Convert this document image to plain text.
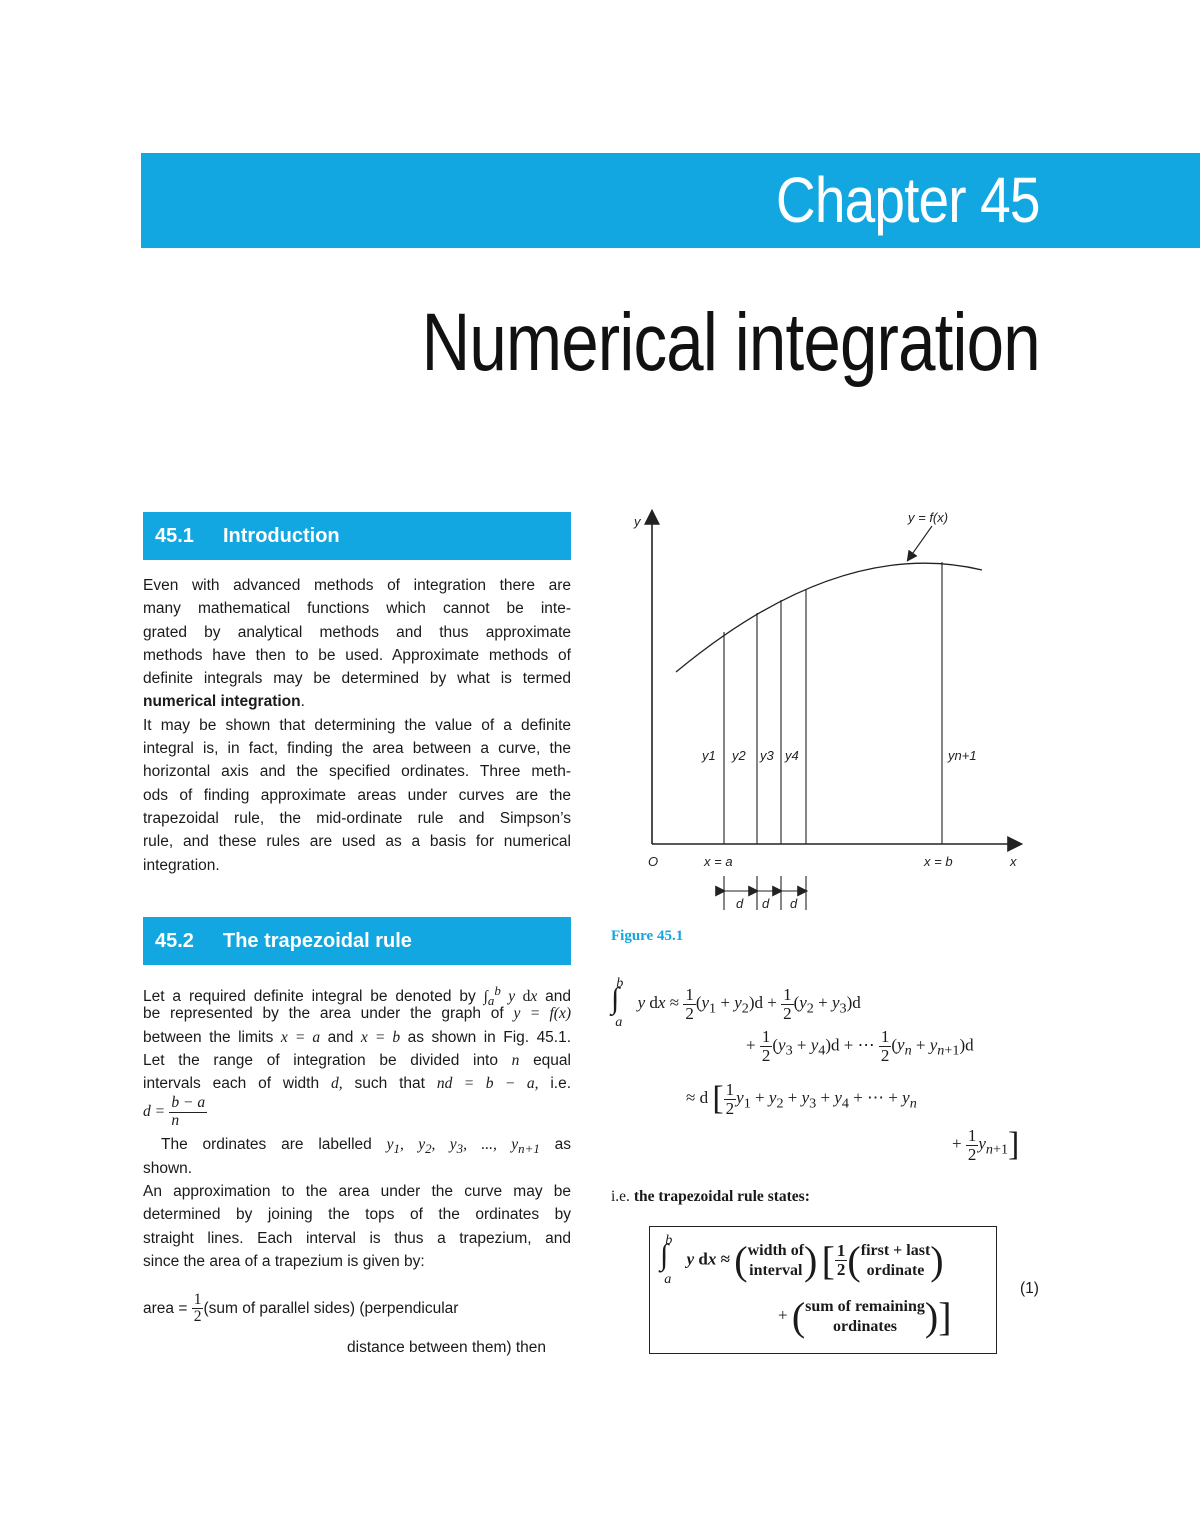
Chapter 45
Numerical integration
45.1 Introduction
Even with advanced methods of integration there are
many mathematical functions which cannot be inte-
grated by analytical methods and thus approximate
methods have then to be used. Approximate methods of
definite integrals may be determined by what is termed
numerical integration.
It may be shown that determining the value of a definite
integral is, in fact, finding the area between a curve, the
horizontal axis and the specified ordinates. Three meth-
ods of finding approximate areas under curves are the
trapezoidal rule, the mid-ordinate rule and Simpson’s
rule, and these rules are used as a basis for numerical
integration.
45.2 The trapezoidal rule
Let a required definite integral be denoted by $\int_a^b$ y dx and
be represented by the area under the graph of y = f(x)
between the limits x = a and x = b as shown in Fig. 45.1.
Let the range of integration be divided into n equal
intervals each of width d, such that nd = b − a, i.e.
$d = \frac{b - a}{n}$
The ordinates are labelled $y_1$, $y_2$, $y_3$, ..., $y_{n+1}$ as
shown.
An approximation to the area under the curve may be
determined by joining the tops of the ordinates by
straight lines. Each interval is thus a trapezium, and
since the area of a trapezium is given by:
area = $\frac{1}{2} (sum$ of parallel sides) (perpendicular
distance between them) then
y
x
O
y = f(x)
x = a	x = b
y1 y2 y3 y4	yn+1
d d d
Figure 45.1
$\int_a^b$ y dx ≈ $\frac{1}{2} (y_1 + y_2)d + \frac{1}{2} (y_2 + y_3)d$
+ $\frac{1}{2} (y_3 + y_4)d$ + ⋯ $\frac{1}{2} (y_n + y_{n+1})d$
≈ d [ $\frac{1}{2} y_1 + y_2 + y_3 + y_4$ + ⋯ + $y_n$
+ $\frac{1}{2} y_{n+1}$]
i.e. the trapezoidal rule states:
$\int_a^b$ y dx ≈ (width of
interval) [ $\frac{1}{2}$ (first + last
ordinate )
+ (sum of remaining
ordinates )]
(1)
